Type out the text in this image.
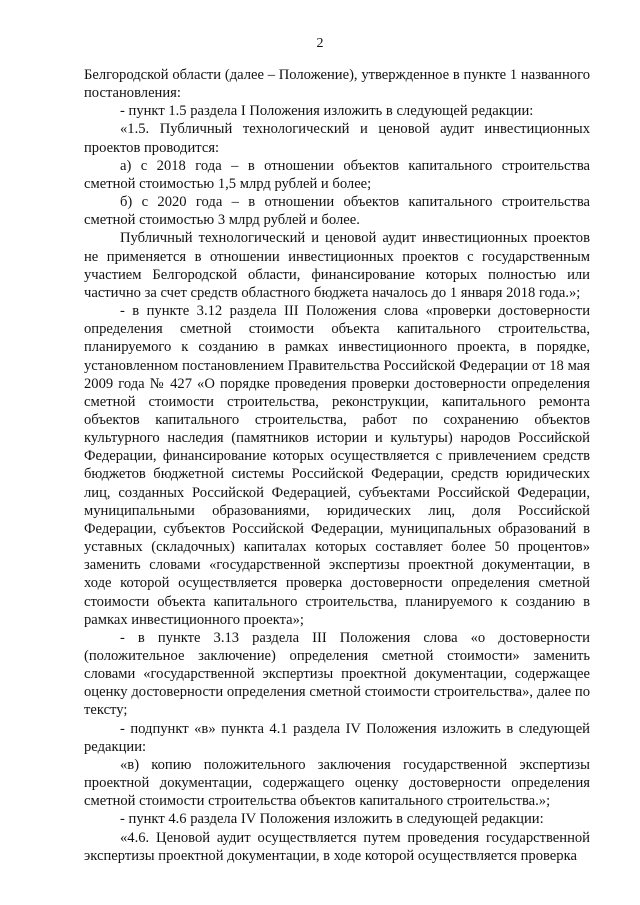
2

Белгородской области (далее – Положение), утвержденное в пункте 1 названного постановления:

- пункт 1.5 раздела I Положения изложить в следующей редакции:

«1.5. Публичный технологический и ценовой аудит инвестиционных проектов проводится:

а) с 2018 года – в отношении объектов капитального строительства сметной стоимостью 1,5 млрд рублей и более;

б) с 2020 года – в отношении объектов капитального строительства сметной стоимостью 3 млрд рублей и более.

Публичный технологический и ценовой аудит инвестиционных проектов не применяется в отношении инвестиционных проектов с государственным участием Белгородской области, финансирование которых полностью или частично за счет средств областного бюджета началось до 1 января 2018 года.»;

- в пункте 3.12 раздела III Положения слова «проверки достоверности определения сметной стоимости объекта капитального строительства, планируемого к созданию в рамках инвестиционного проекта, в порядке, установленном постановлением Правительства Российской Федерации от 18 мая 2009 года № 427 «О порядке проведения проверки достоверности определения сметной стоимости строительства, реконструкции, капитального ремонта объектов капитального строительства, работ по сохранению объектов культурного наследия (памятников истории и культуры) народов Российской Федерации, финансирование которых осуществляется с привлечением средств бюджетов бюджетной системы Российской Федерации, средств юридических лиц, созданных Российской Федерацией, субъектами Российской Федерации, муниципальными образованиями, юридических лиц, доля Российской Федерации, субъектов Российской Федерации, муниципальных образований в уставных (складочных) капиталах которых составляет более 50 процентов» заменить словами «государственной экспертизы проектной документации, в ходе которой осуществляется проверка достоверности определения сметной стоимости объекта капитального строительства, планируемого к созданию в рамках инвестиционного проекта»;

- в пункте 3.13 раздела III Положения слова «о достоверности (положительное заключение) определения сметной стоимости» заменить словами «государственной экспертизы проектной документации, содержащее оценку достоверности определения сметной стоимости строительства», далее по тексту;

- подпункт «в» пункта 4.1 раздела IV Положения изложить в следующей редакции:

«в) копию положительного заключения государственной экспертизы проектной документации, содержащего оценку достоверности определения сметной стоимости строительства объектов капитального строительства.»;

- пункт 4.6 раздела IV Положения изложить в следующей редакции:

«4.6. Ценовой аудит осуществляется путем проведения государственной экспертизы проектной документации, в ходе которой осуществляется проверка
